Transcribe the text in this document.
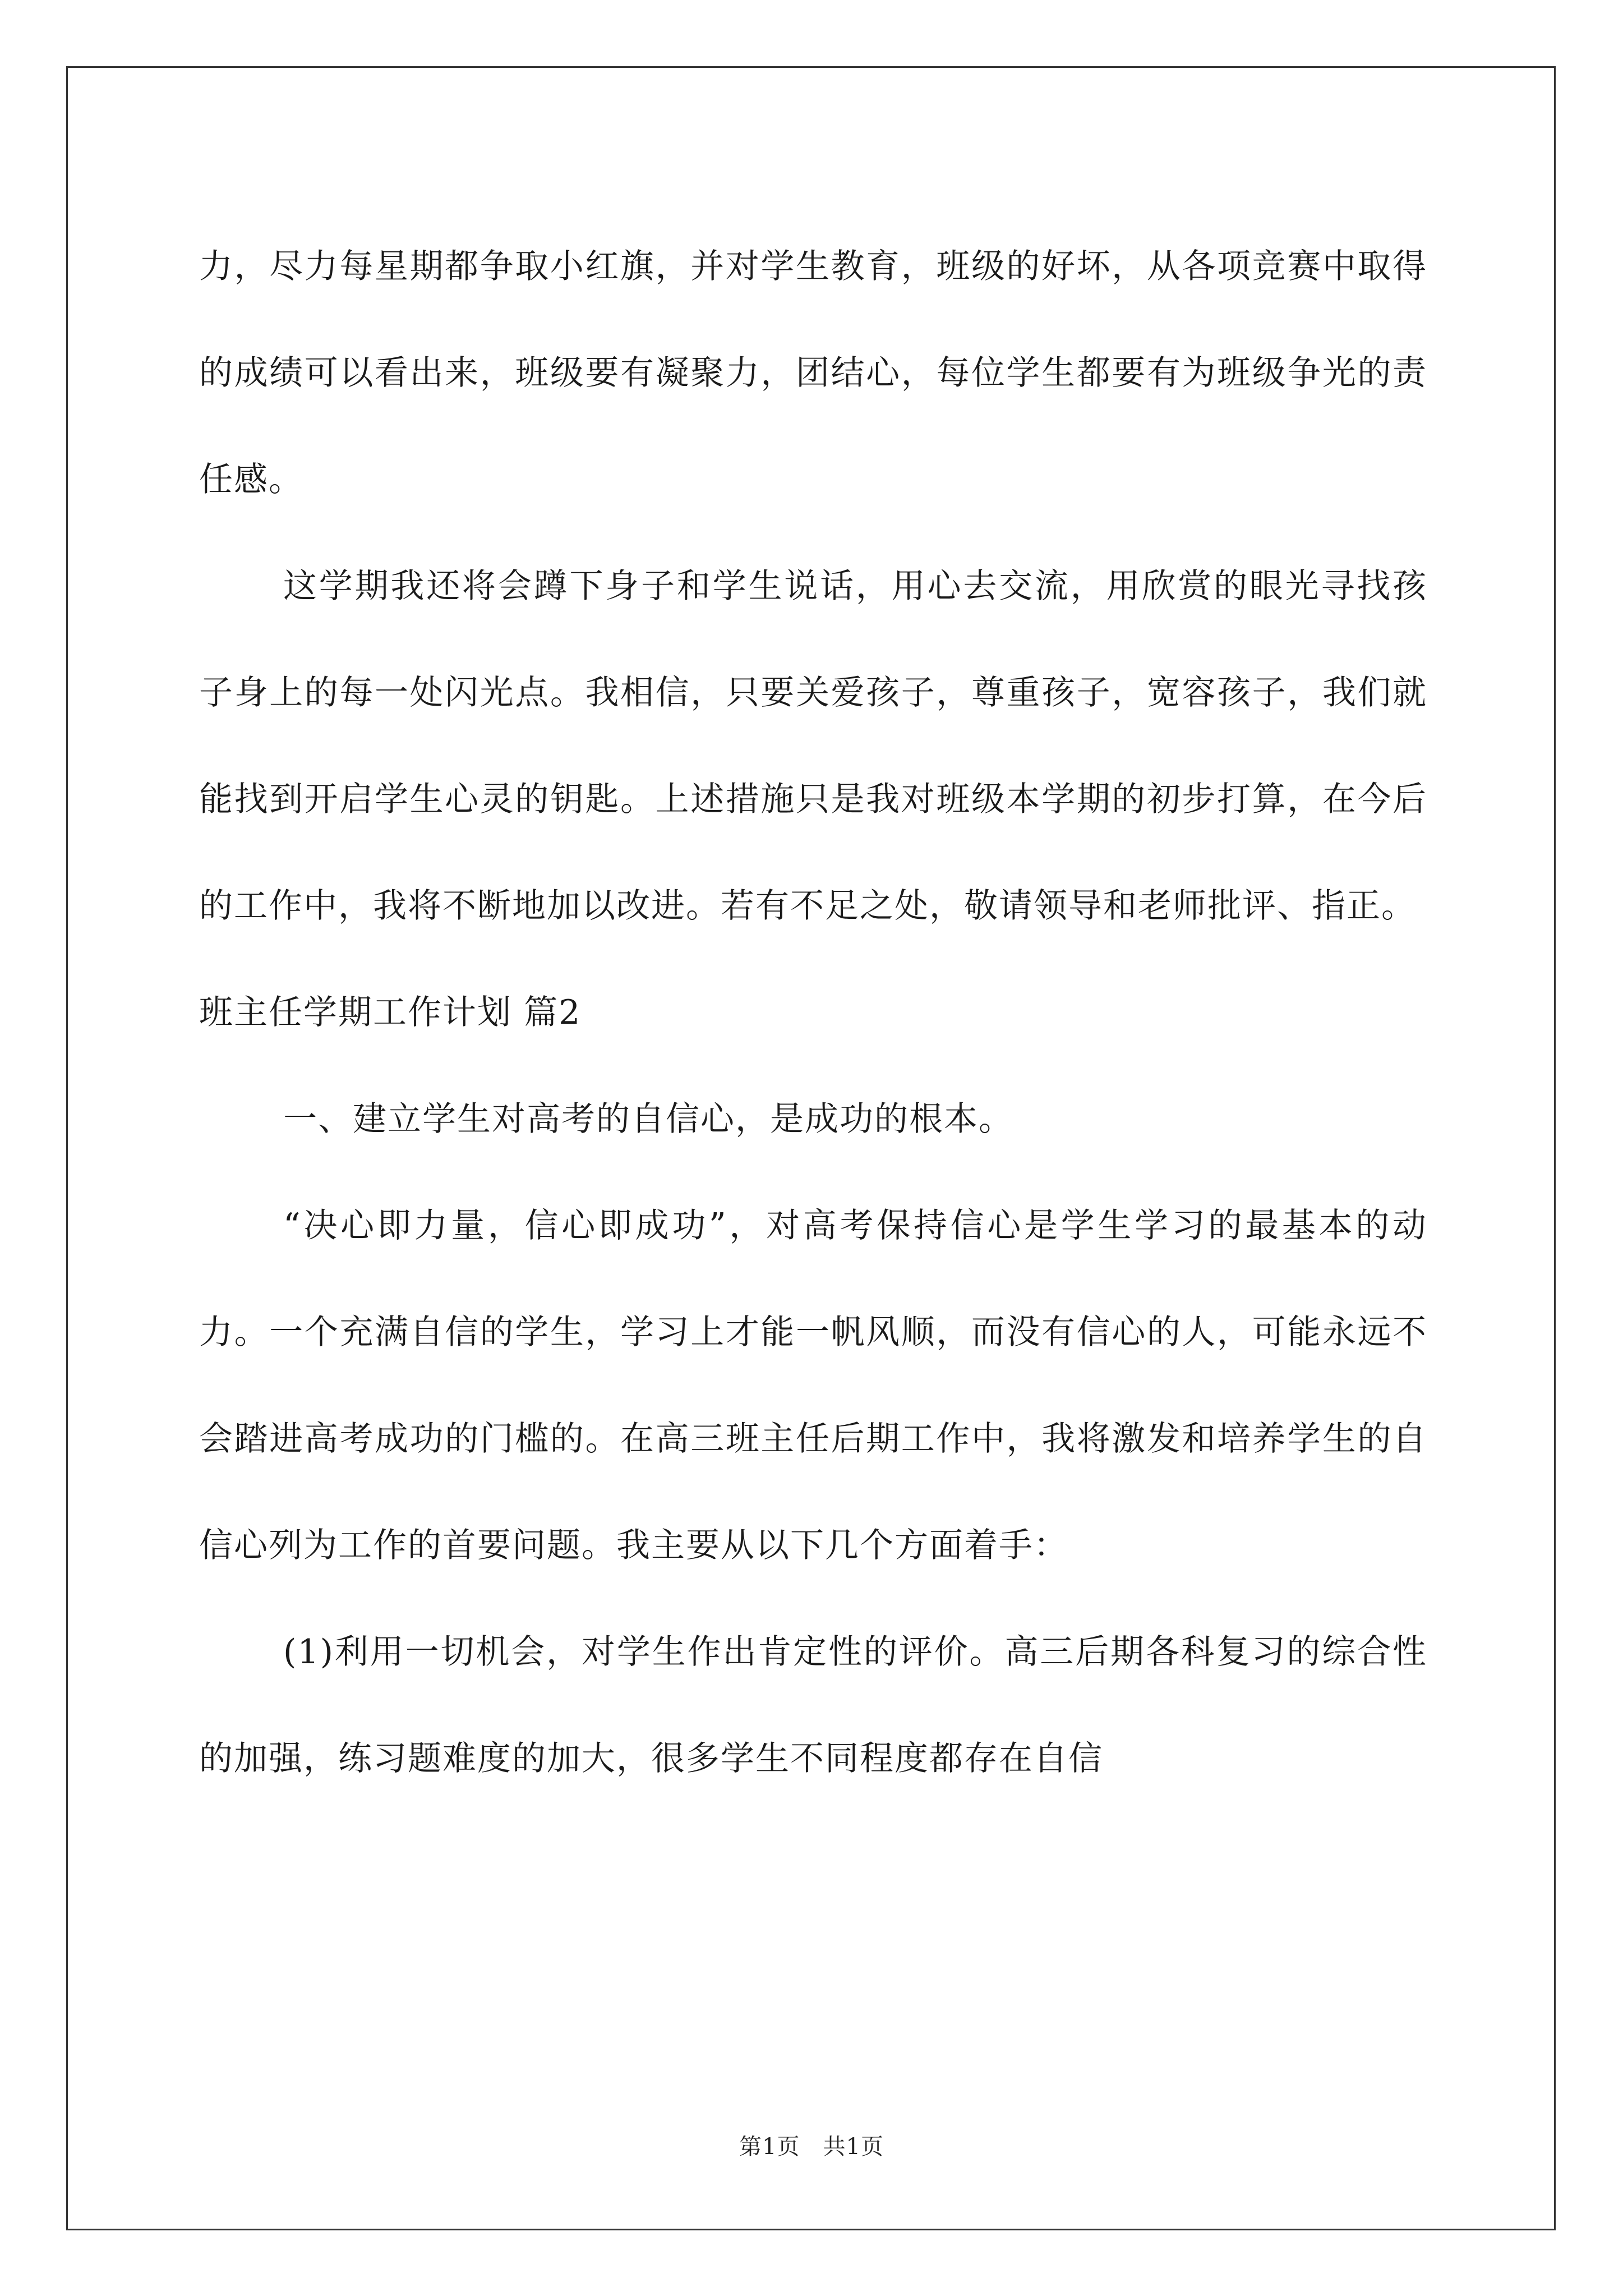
力，尽力每星期都争取小红旗，并对学生教育，班级的好坏，从各项竞赛中取得的成绩可以看出来，班级要有凝聚力，团结心，每位学生都要有为班级争光的责任感。

这学期我还将会蹲下身子和学生说话，用心去交流，用欣赏的眼光寻找孩子身上的每一处闪光点。我相信，只要关爱孩子，尊重孩子，宽容孩子，我们就能找到开启学生心灵的钥匙。上述措施只是我对班级本学期的初步打算，在今后的工作中，我将不断地加以改进。若有不足之处，敬请领导和老师批评、指正。

班主任学期工作计划 篇2

一、建立学生对高考的自信心，是成功的根本。

“决心即力量，信心即成功”，对高考保持信心是学生学习的最基本的动力。一个充满自信的学生，学习上才能一帆风顺，而没有信心的人，可能永远不会踏进高考成功的门槛的。在高三班主任后期工作中，我将激发和培养学生的自信心列为工作的首要问题。我主要从以下几个方面着手：

(1)利用一切机会，对学生作出肯定性的评价。高三后期各科复习的综合性的加强，练习题难度的加大，很多学生不同程度都存在自信

第1页　共1页
